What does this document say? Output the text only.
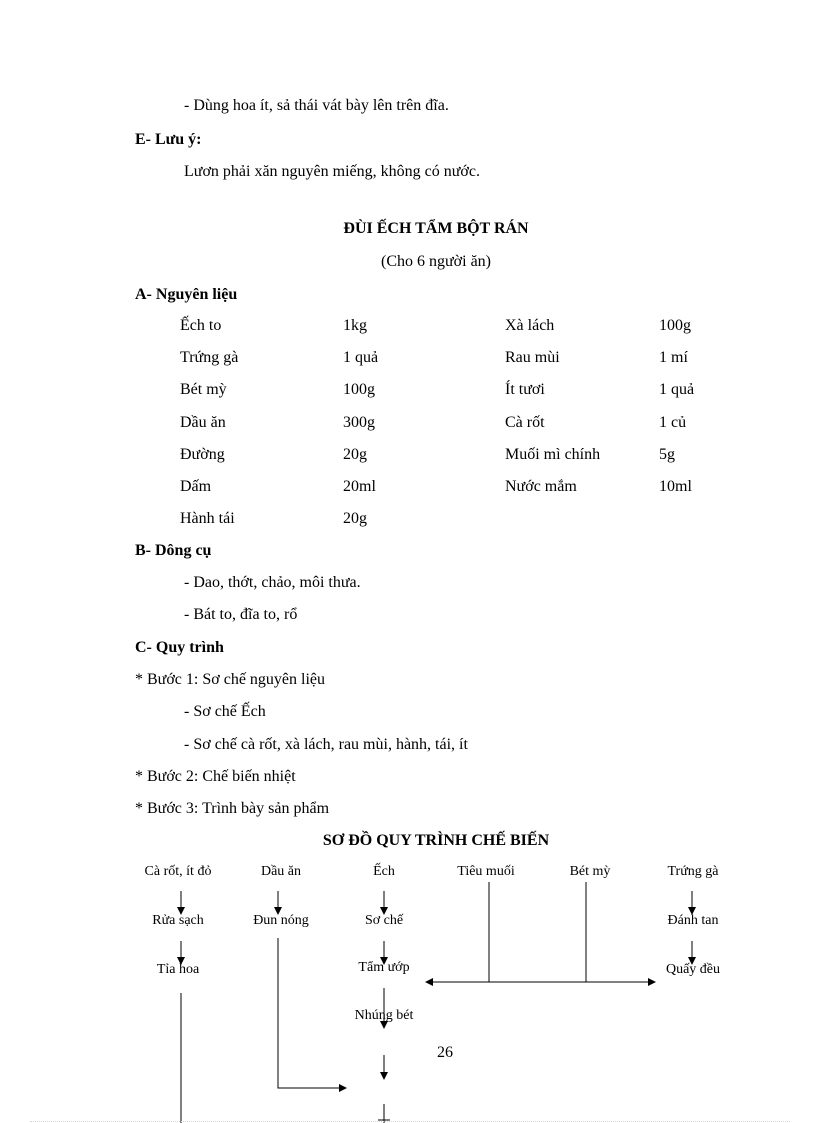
- Dùng hoa ít, sả thái vát bày lên trên đĩa.
E- Lưu ý:
Lươn phải xăn nguyên miếng, không có nước.
ĐÙI ẾCH TẨM BỘT RÁN
(Cho 6 người ăn)
A- Nguyên liệu
Ếch to	1kg	Xà lách	100g
Trứng gà	1 quả	Rau mùi	1 mí
Bét mỳ	100g	Ít tươi	1 quả
Dầu ăn	300g	Cà rốt	1 củ
Đường	20g	Muối mì chính	5g
Dấm	20ml	Nước mắm	10ml
Hành tái	20g
B- Dông cụ
- Dao, thớt, chảo, môi thưa.
- Bát to, đĩa to, rổ
C- Quy trình
* Bước 1: Sơ chế nguyên liệu
- Sơ chế Ếch
- Sơ chế cà rốt, xà lách, rau mùi, hành, tái, ít
* Bước 2: Chế biến nhiệt
* Bước 3: Trình bày sản phẩm
SƠ ĐỒ QUY TRÌNH CHẾ BIẾN
Cà rốt, ít đỏ
Rửa sạch
Tỉa hoa
Dầu ăn
Đun nóng
Ếch
Sơ chế
Tẩm ướp
Nhúng bét
Tiêu muối	Bét mỳ	Trứng gà
Đánh tan
Quấy đều
26
